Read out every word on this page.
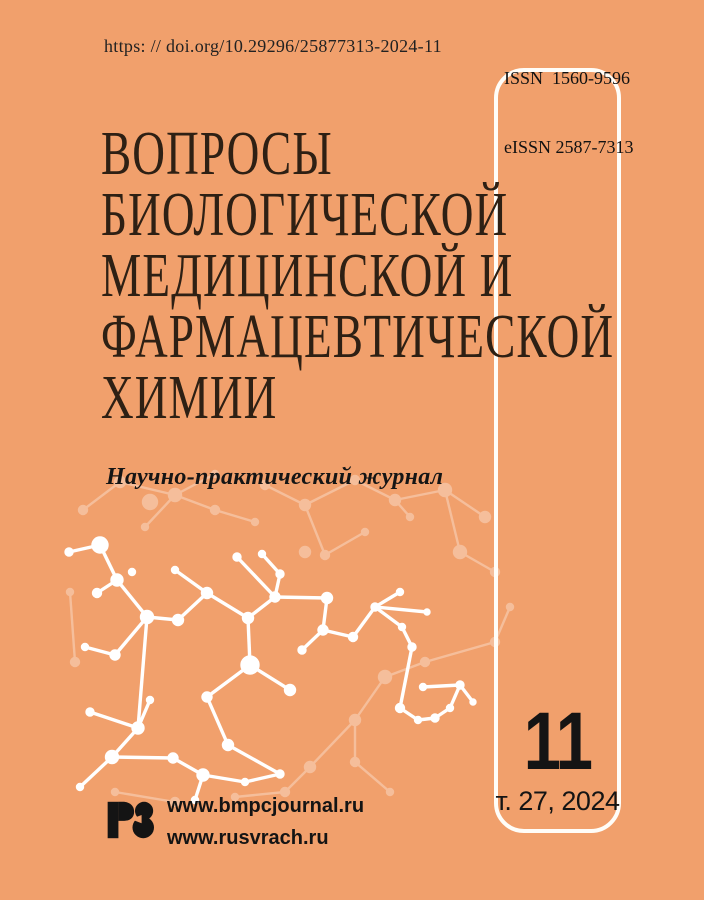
https: // doi.org/10.29296/25877313-2024-11

ISSN  1560-9596

eISSN 2587-7313

ВОПРОСЫ
БИОЛОГИЧЕСКОЙ
МЕДИЦИНСКОЙ И
ФАРМАЦЕВТИЧЕСКОЙ
ХИМИИ
Научно-практический журнал
11
т. 27, 2024
www.bmpcjournal.ru
www.rusvrach.ru
